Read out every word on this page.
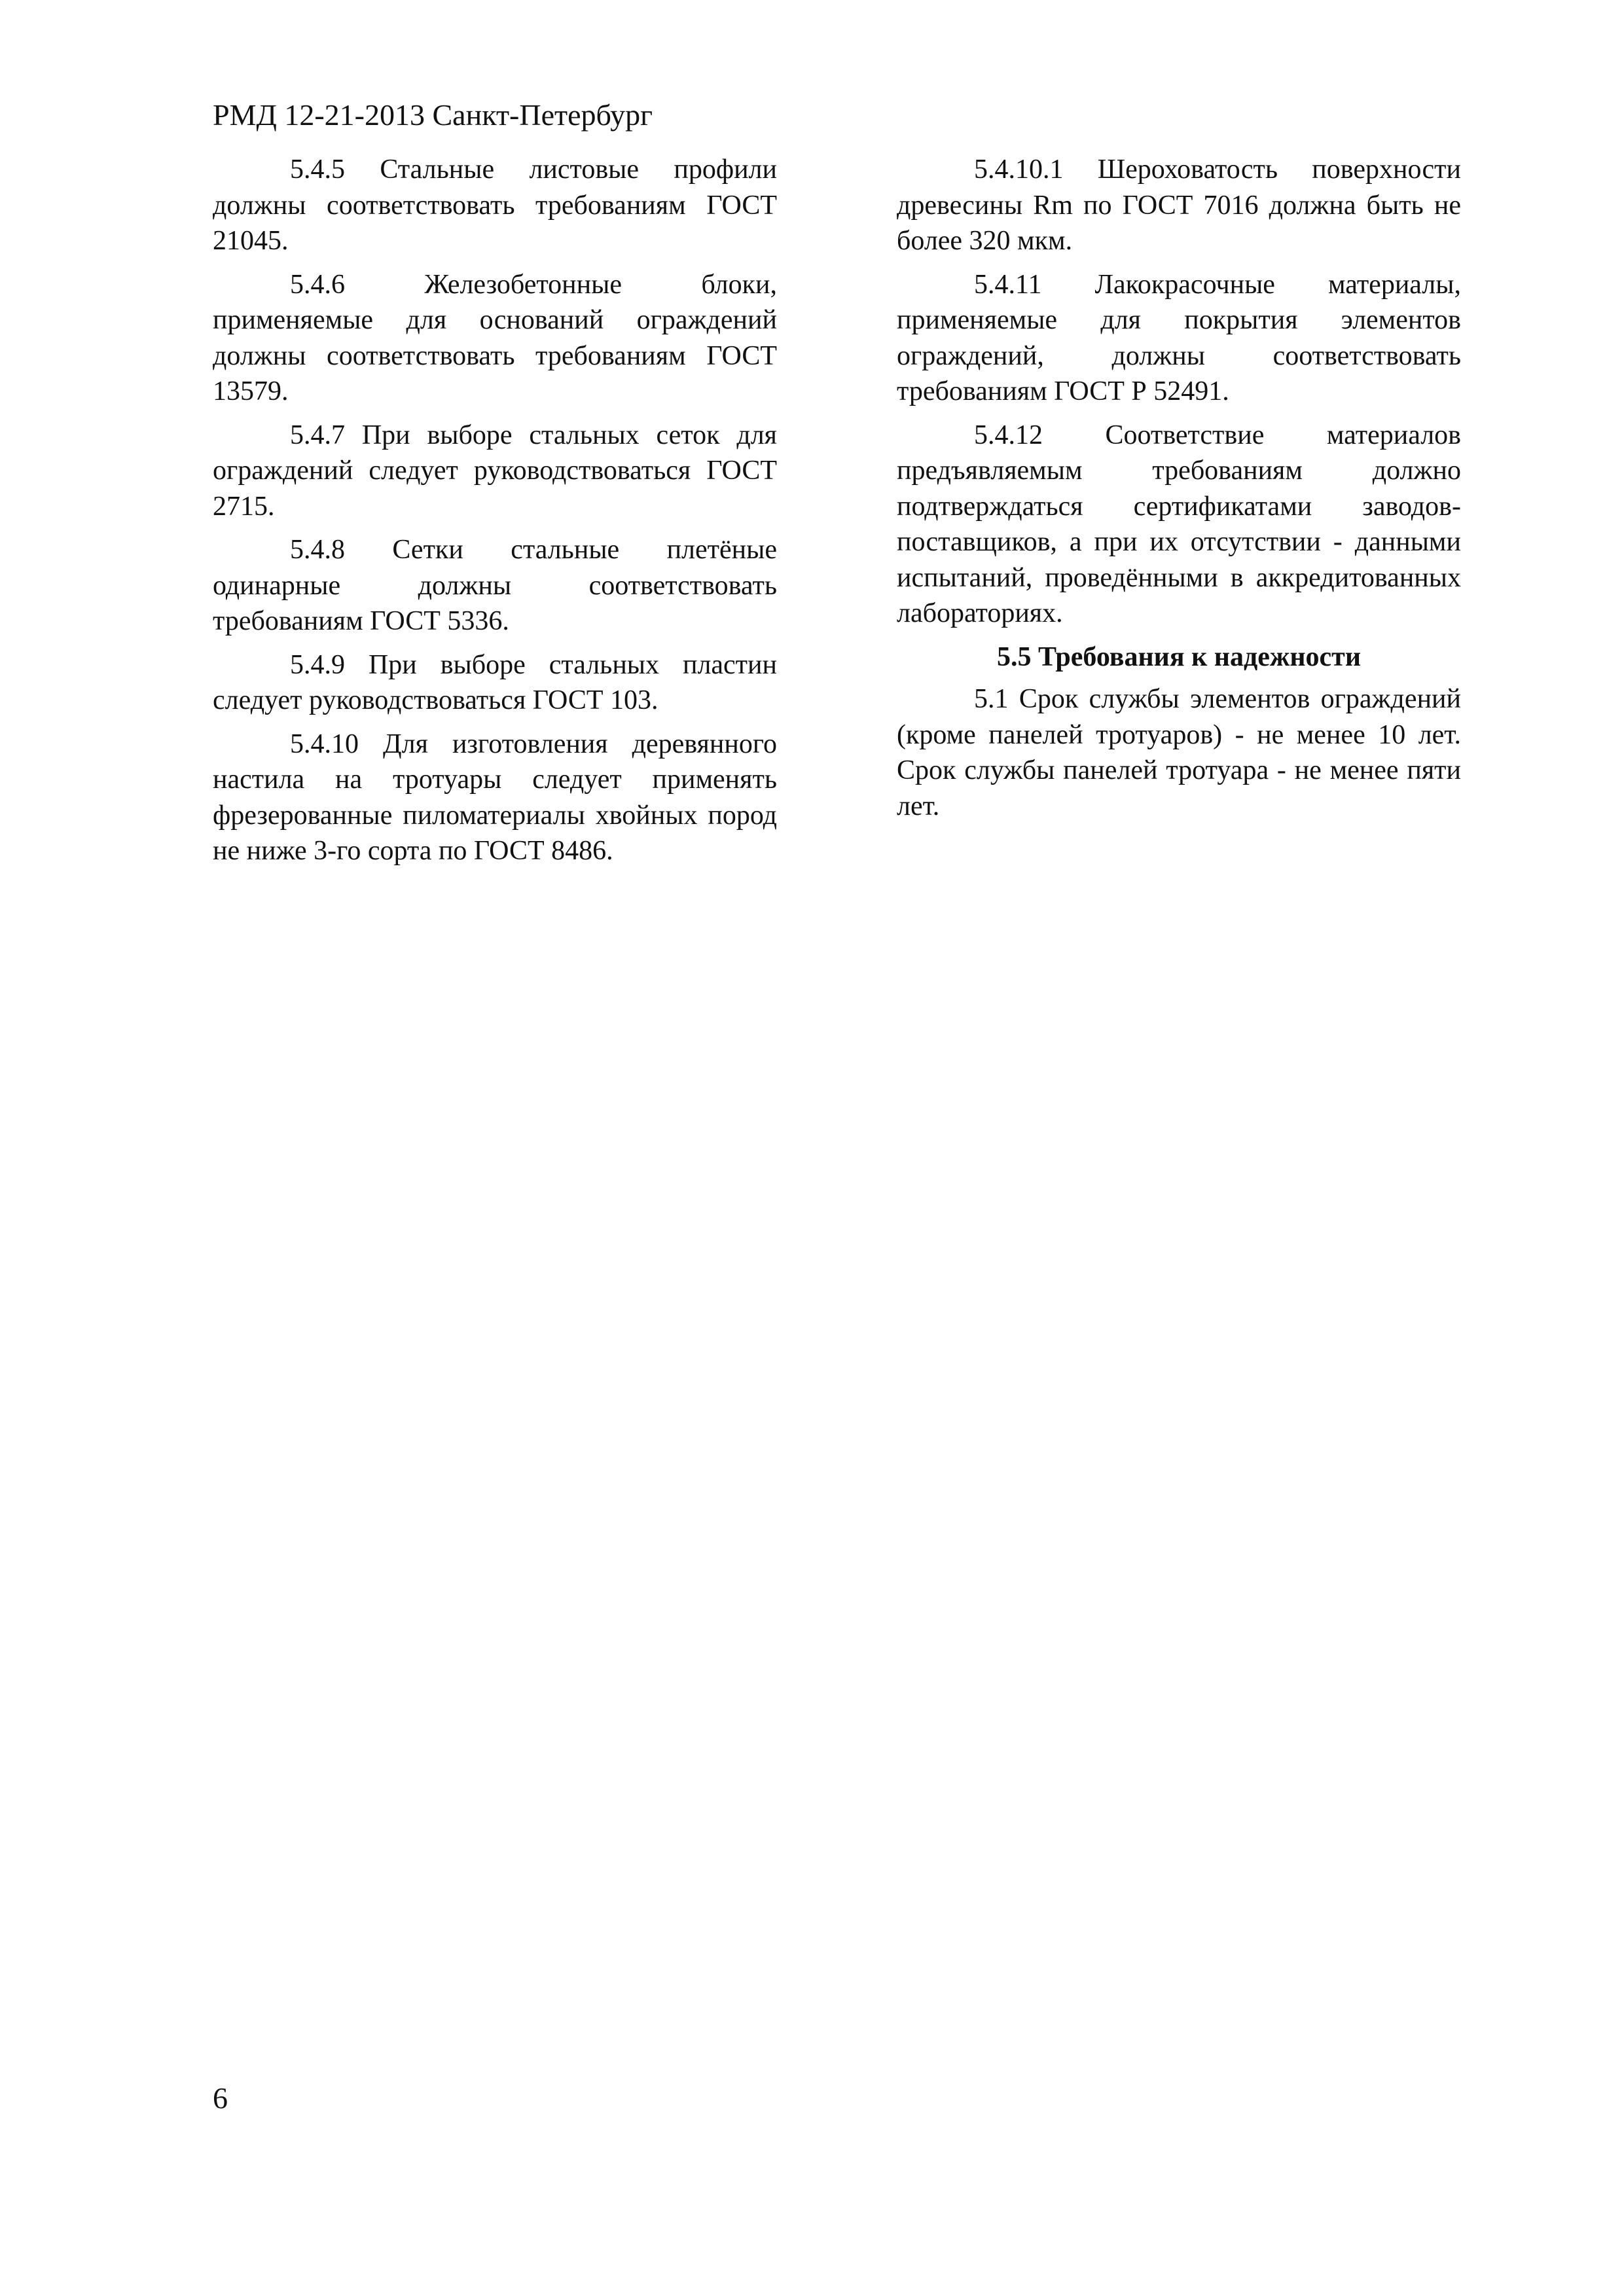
РМД 12-21-2013 Санкт-Петербург

5.4.5 Стальные листовые профили должны соответствовать требованиям ГОСТ 21045.

5.4.6 Железобетонные блоки, применяемые для оснований ограждений должны соответствовать требованиям ГОСТ 13579.

5.4.7 При выборе стальных сеток для ограждений следует руководствоваться ГОСТ 2715.

5.4.8 Сетки стальные плетёные одинарные должны соответствовать требованиям ГОСТ 5336.

5.4.9 При выборе стальных пластин следует руководствоваться ГОСТ 103.

5.4.10 Для изготовления деревянного настила на тротуары следует применять фрезерованные пиломатериалы хвойных пород не ниже 3-го сорта по ГОСТ 8486.

5.4.10.1 Шероховатость поверхности древесины Rm по ГОСТ 7016 должна быть не более 320 мкм.

5.4.11 Лакокрасочные материалы, применяемые для покрытия элементов ограждений, должны соответствовать требованиям ГОСТ Р 52491.

5.4.12 Соответствие материалов предъявляемым требованиям должно подтверждаться сертификатами заводов-поставщиков, а при их отсутствии - данными испытаний, проведёнными в аккредитованных лабораториях.

5.5 Требования к надежности

5.1 Срок службы элементов ограждений (кроме панелей тротуаров) - не менее 10 лет. Срок службы панелей тротуара - не менее пяти лет.

6
